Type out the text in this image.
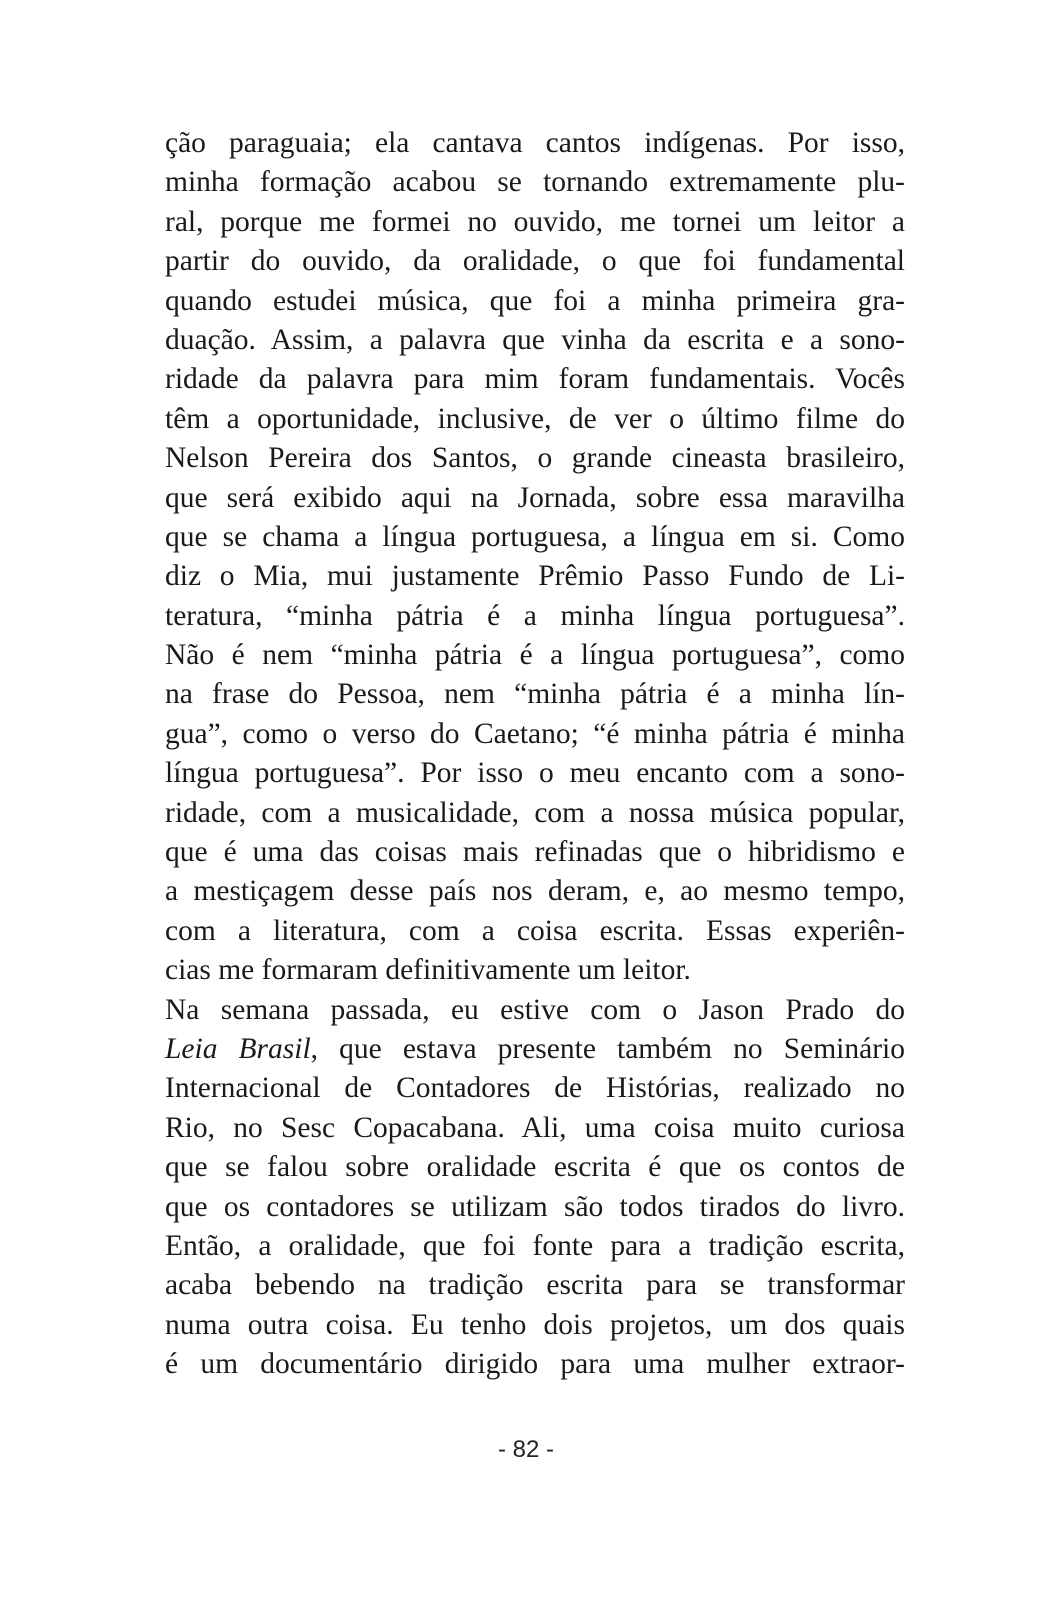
ção paraguaia; ela cantava cantos indígenas. Por isso,
minha formação acabou se tornando extremamente plu-
ral, porque me formei no ouvido, me tornei um leitor a
partir do ouvido, da oralidade, o que foi fundamental
quando estudei música, que foi a minha primeira gra-
duação. Assim, a palavra que vinha da escrita e a sono-
ridade da palavra para mim foram fundamentais. Vocês
têm a oportunidade, inclusive, de ver o último filme do
Nelson Pereira dos Santos, o grande cineasta brasileiro,
que será exibido aqui na Jornada, sobre essa maravilha
que se chama a língua portuguesa, a língua em si. Como
diz o Mia, mui justamente Prêmio Passo Fundo de Li-
teratura, “minha pátria é a minha língua portuguesa”.
Não é nem “minha pátria é a língua portuguesa”, como
na frase do Pessoa, nem “minha pátria é a minha lín-
gua”, como o verso do Caetano; “é minha pátria é minha
língua portuguesa”. Por isso o meu encanto com a sono-
ridade, com a musicalidade, com a nossa música popular,
que é uma das coisas mais refinadas que o hibridismo e
a mestiçagem desse país nos deram, e, ao mesmo tempo,
com a literatura, com a coisa escrita. Essas experiên-
cias me formaram definitivamente um leitor.
Na semana passada, eu estive com o Jason Prado do
Leia Brasil, que estava presente também no Seminário
Internacional de Contadores de Histórias, realizado no
Rio, no Sesc Copacabana. Ali, uma coisa muito curiosa
que se falou sobre oralidade escrita é que os contos de
que os contadores se utilizam são todos tirados do livro.
Então, a oralidade, que foi fonte para a tradição escrita,
acaba bebendo na tradição escrita para se transformar
numa outra coisa. Eu tenho dois projetos, um dos quais
é um documentário dirigido para uma mulher extraor-
- 82 -
